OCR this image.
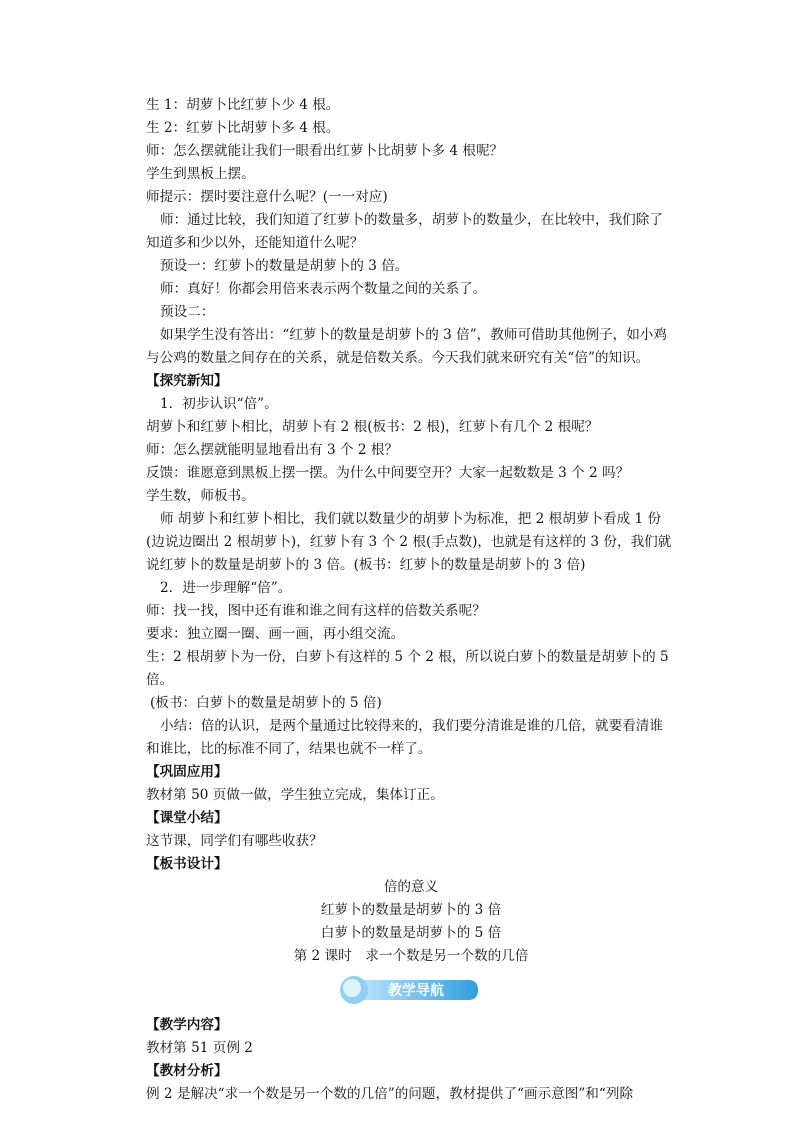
生 1：胡萝卜比红萝卜少 4 根。

生 2：红萝卜比胡萝卜多 4 根。

师：怎么摆就能让我们一眼看出红萝卜比胡萝卜多 4 根呢？

学生到黑板上摆。

师提示：摆时要注意什么呢？(一一对应)

师：通过比较，我们知道了红萝卜的数量多，胡萝卜的数量少，在比较中，我们除了知道多和少以外，还能知道什么呢？

预设一：红萝卜的数量是胡萝卜的 3 倍。

师：真好！你都会用倍来表示两个数量之间的关系了。

预设二：

如果学生没有答出：“红萝卜的数量是胡萝卜的 3 倍”，教师可借助其他例子，如小鸡与公鸡的数量之间存在的关系，就是倍数关系。今天我们就来研究有关“倍”的知识。

【探究新知】

1．初步认识“倍”。

胡萝卜和红萝卜相比，胡萝卜有 2 根(板书：2 根)，红萝卜有几个 2 根呢？

师：怎么摆就能明显地看出有 3 个 2 根？

反馈：谁愿意到黑板上摆一摆。为什么中间要空开？大家一起数数是 3 个 2 吗？

学生数，师板书。

师 胡萝卜和红萝卜相比，我们就以数量少的胡萝卜为标准，把 2 根胡萝卜看成 1 份(边说边圈出 2 根胡萝卜)，红萝卜有 3 个 2 根(手点数)，也就是有这样的 3 份，我们就说红萝卜的数量是胡萝卜的 3 倍。(板书：红萝卜的数量是胡萝卜的 3 倍)

2．进一步理解“倍”。

师：找一找，图中还有谁和谁之间有这样的倍数关系呢？

要求：独立圈一圈、画一画，再小组交流。

生：2 根胡萝卜为一份，白萝卜有这样的 5 个 2 根，所以说白萝卜的数量是胡萝卜的 5 倍。

(板书：白萝卜的数量是胡萝卜的 5 倍)

小结：倍的认识，是两个量通过比较得来的，我们要分清谁是谁的几倍，就要看清谁和谁比，比的标准不同了，结果也就不一样了。

【巩固应用】

教材第 50 页做一做，学生独立完成，集体订正。

【课堂小结】

这节课，同学们有哪些收获？

【板书设计】

倍的意义

红萝卜的数量是胡萝卜的 3 倍

白萝卜的数量是胡萝卜的 5 倍

第 2 课时　求一个数是另一个数的几倍

教学导航

【教学内容】

教材第 51 页例 2

【教材分析】

例 2 是解决“求一个数是另一个数的几倍”的问题，教材提供了“画示意图”和“列除
